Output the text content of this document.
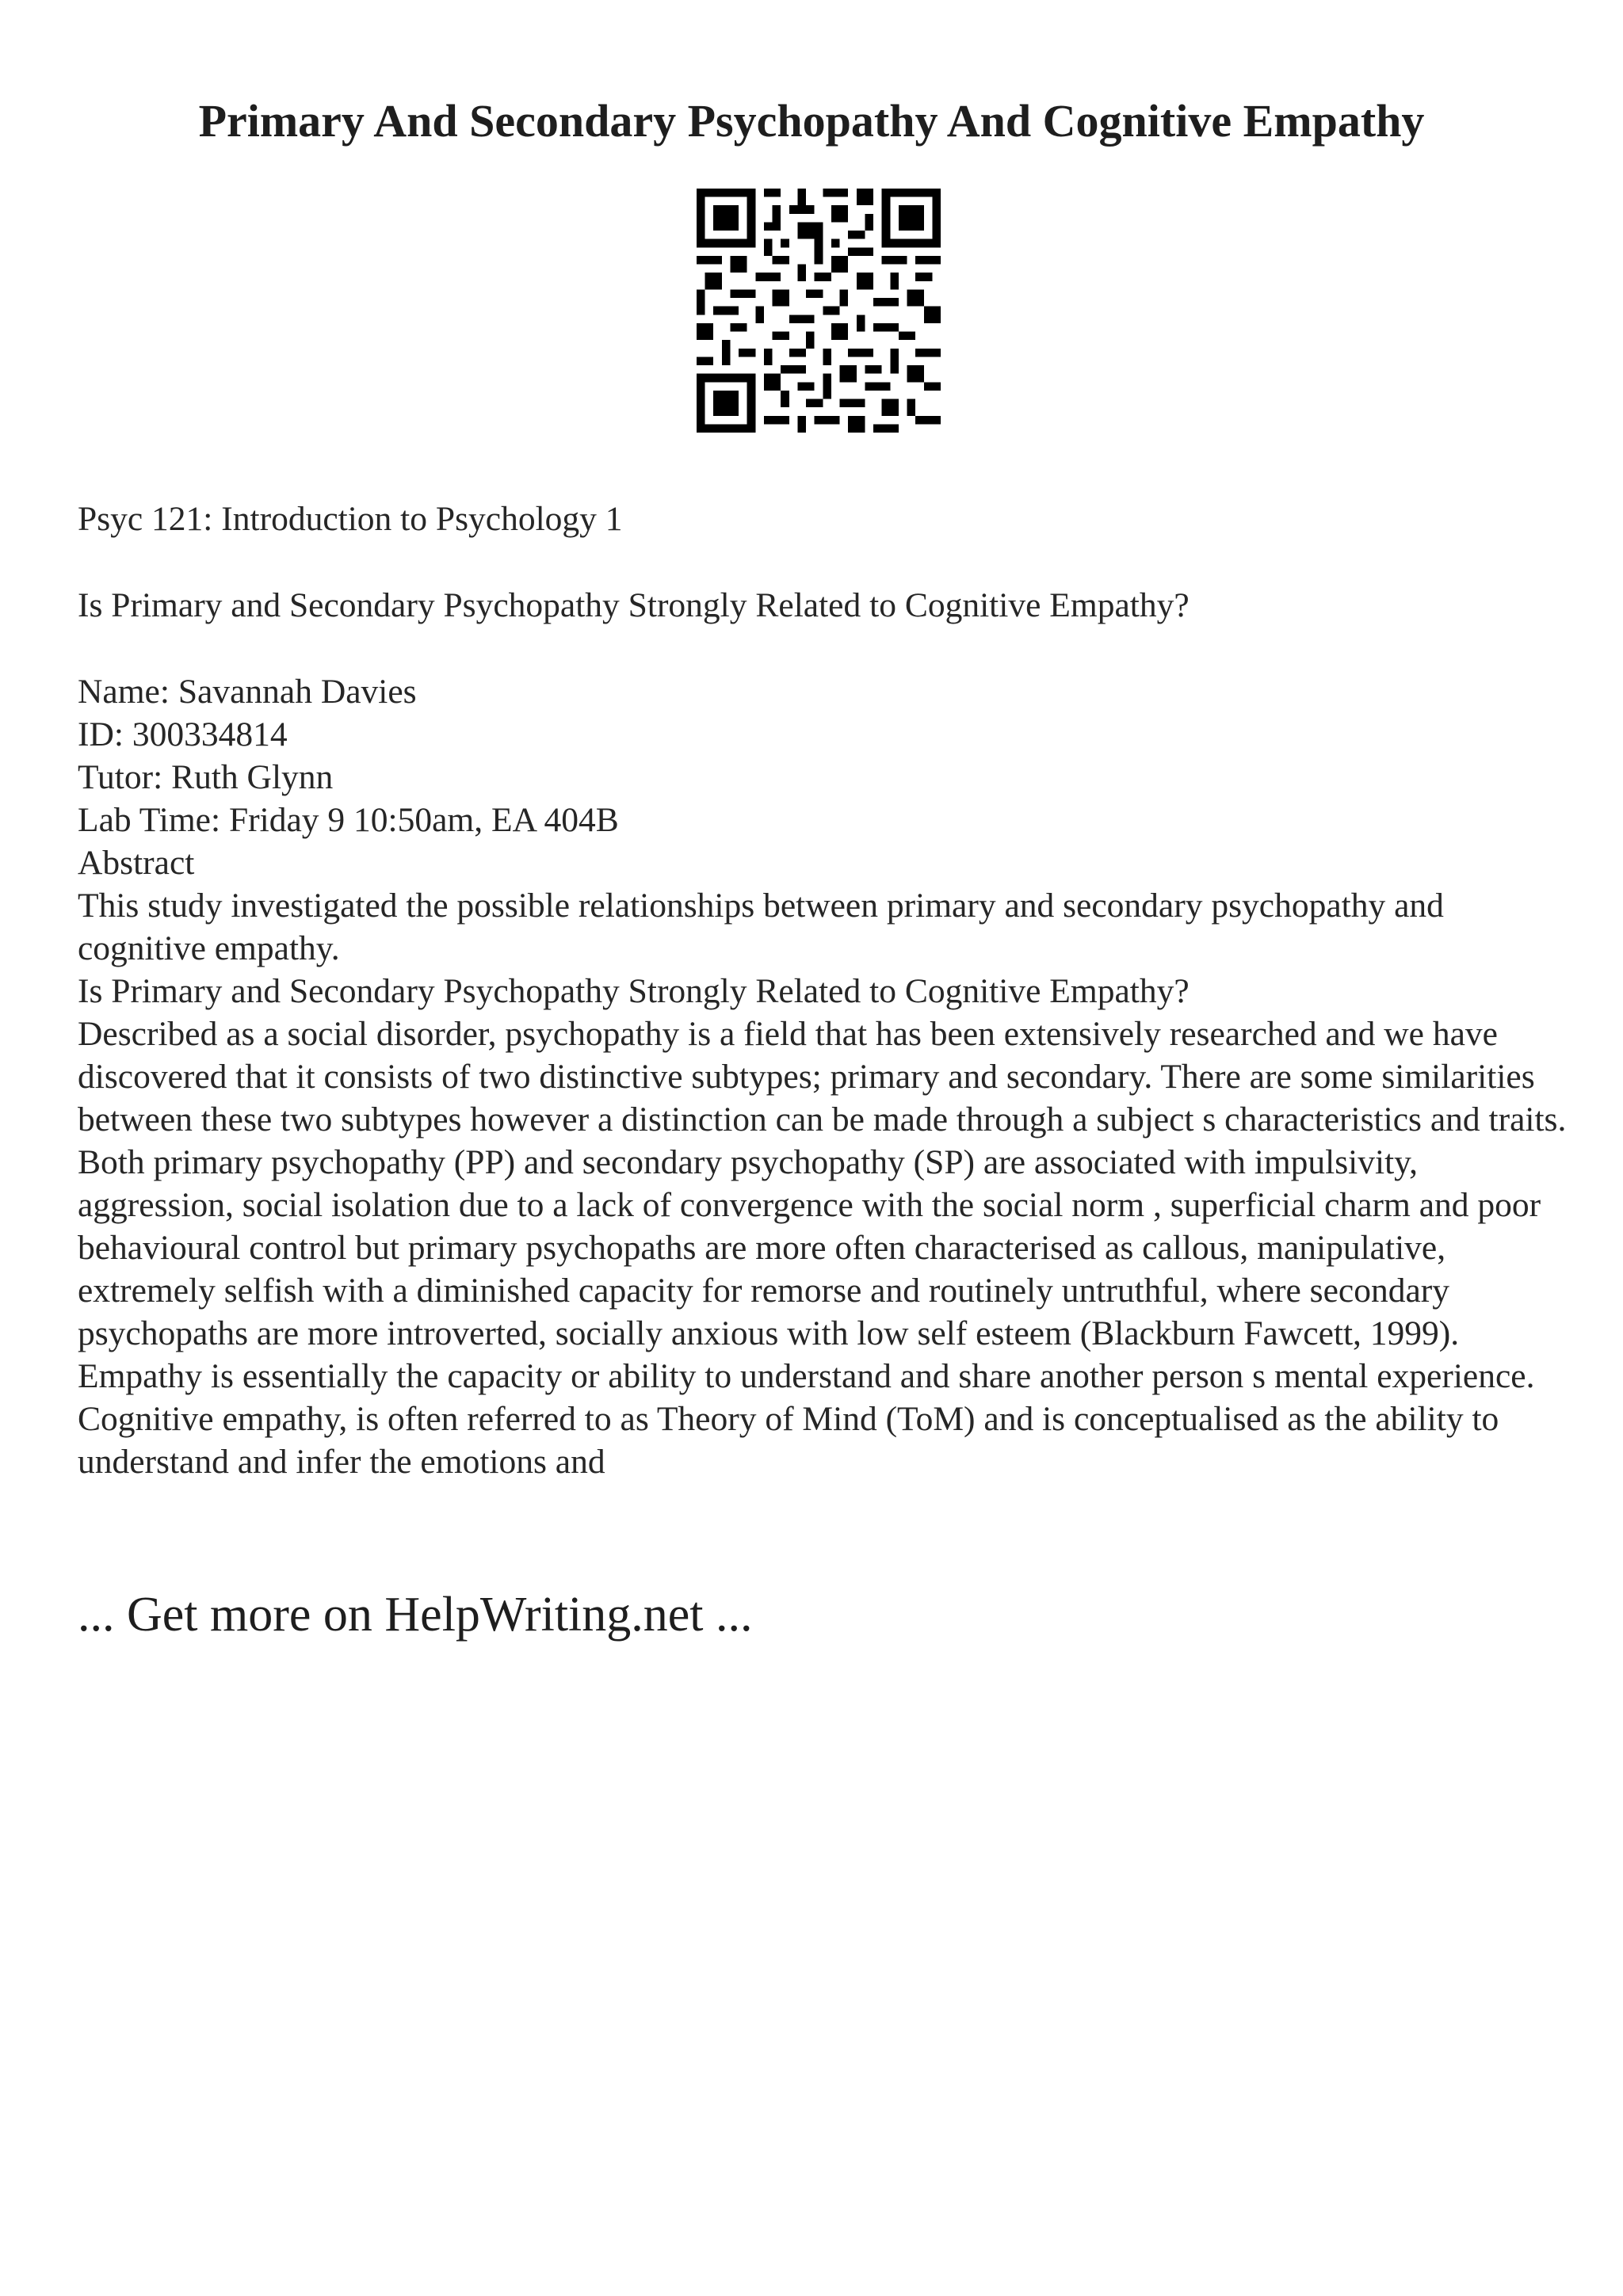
Primary And Secondary Psychopathy And Cognitive Empathy

Psyc 121: Introduction to Psychology 1

Is Primary and Secondary Psychopathy Strongly Related to Cognitive Empathy?

Name: Savannah Davies
ID: 300334814
Tutor: Ruth Glynn
Lab Time: Friday 9 10:50am, EA 404B
Abstract

This study investigated the possible relationships between primary and secondary psychopathy and cognitive empathy.

Is Primary and Secondary Psychopathy Strongly Related to Cognitive Empathy?

Described as a social disorder, psychopathy is a field that has been extensively researched and we have discovered that it consists of two distinctive subtypes; primary and secondary. There are some similarities between these two subtypes however a distinction can be made through a subject s characteristics and traits. Both primary psychopathy (PP) and secondary psychopathy (SP) are associated with impulsivity, aggression, social isolation due to a lack of convergence with the social norm , superficial charm and poor behavioural control but primary psychopaths are more often characterised as callous, manipulative, extremely selfish with a diminished capacity for remorse and routinely untruthful, where secondary psychopaths are more introverted, socially anxious with low self esteem (Blackburn Fawcett, 1999). Empathy is essentially the capacity or ability to understand and share another person s mental experience. Cognitive empathy, is often referred to as Theory of Mind (ToM) and is conceptualised as the ability to understand and infer the emotions and

... Get more on HelpWriting.net ...
